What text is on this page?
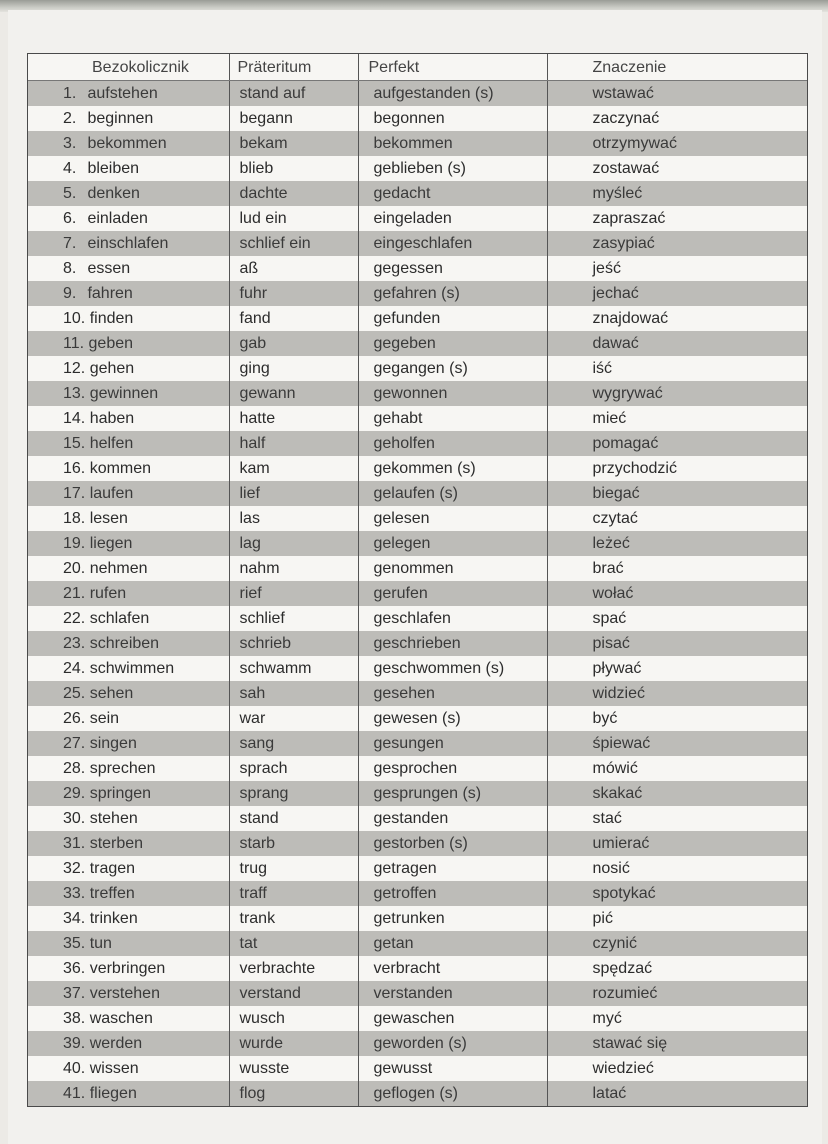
Bezokolicznik	Präteritum	Perfekt	Znaczenie
1. aufstehen	stand auf	aufgestanden (s)	wstawać
2. beginnen	begann	begonnen	zaczynać
3. bekommen	bekam	bekommen	otrzymywać
4. bleiben	blieb	geblieben (s)	zostawać
5. denken	dachte	gedacht	myśleć
6. einladen	lud ein	eingeladen	zapraszać
7. einschlafen	schlief ein	eingeschlafen	zasypiać
8. essen	aß	gegessen	jeść
9. fahren	fuhr	gefahren (s)	jechać
10. finden	fand	gefunden	znajdować
11. geben	gab	gegeben	dawać
12. gehen	ging	gegangen (s)	iść
13. gewinnen	gewann	gewonnen	wygrywać
14. haben	hatte	gehabt	mieć
15. helfen	half	geholfen	pomagać
16. kommen	kam	gekommen (s)	przychodzić
17. laufen	lief	gelaufen (s)	biegać
18. lesen	las	gelesen	czytać
19. liegen	lag	gelegen	leżeć
20. nehmen	nahm	genommen	brać
21. rufen	rief	gerufen	wołać
22. schlafen	schlief	geschlafen	spać
23. schreiben	schrieb	geschrieben	pisać
24. schwimmen	schwamm	geschwommen (s)	pływać
25. sehen	sah	gesehen	widzieć
26. sein	war	gewesen (s)	być
27. singen	sang	gesungen	śpiewać
28. sprechen	sprach	gesprochen	mówić
29. springen	sprang	gesprungen (s)	skakać
30. stehen	stand	gestanden	stać
31. sterben	starb	gestorben (s)	umierać
32. tragen	trug	getragen	nosić
33. treffen	traff	getroffen	spotykać
34. trinken	trank	getrunken	pić
35. tun	tat	getan	czynić
36. verbringen	verbrachte	verbracht	spędzać
37. verstehen	verstand	verstanden	rozumieć
38. waschen	wusch	gewaschen	myć
39. werden	wurde	geworden (s)	stawać się
40. wissen	wusste	gewusst	wiedzieć
41. fliegen	flog	geflogen (s)	latać
